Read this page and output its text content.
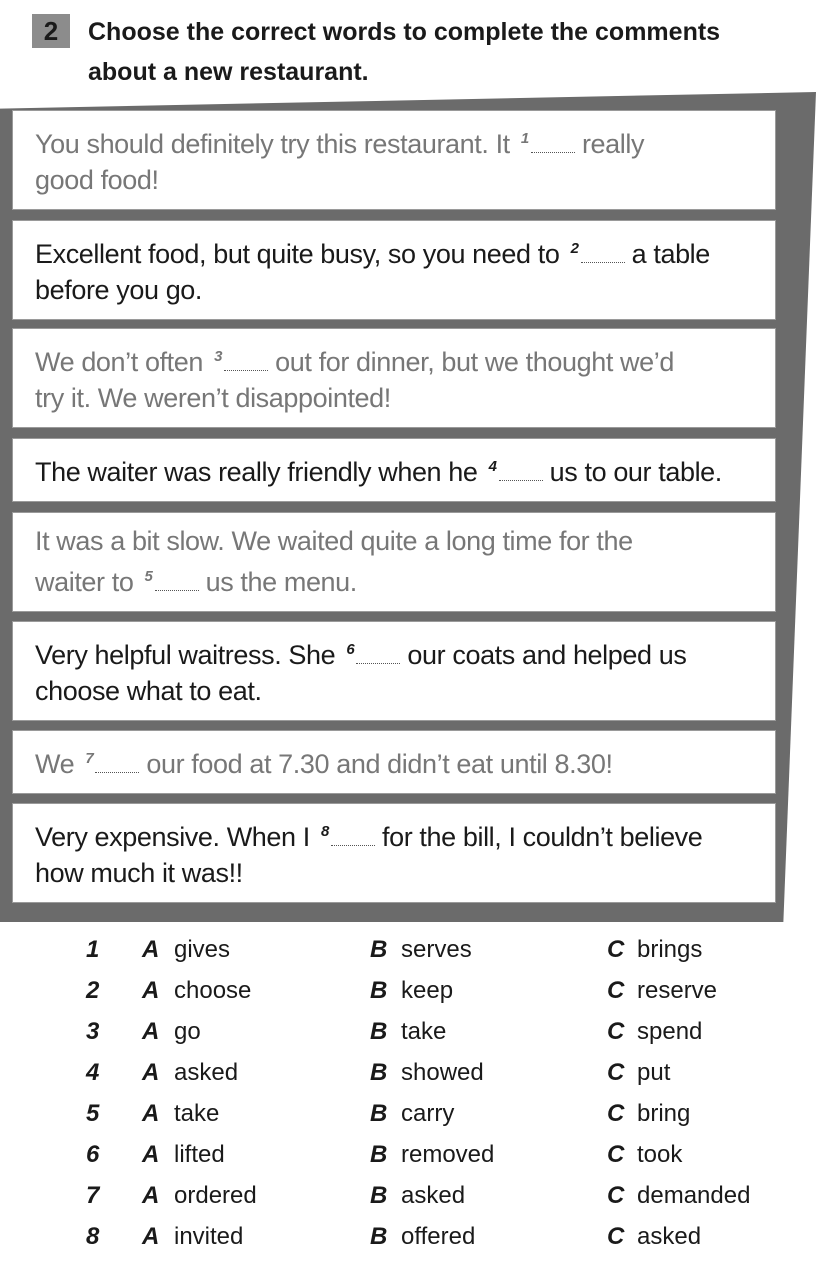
2	Choose the correct words to complete the comments
about a new restaurant.
You should definitely try this restaurant. It $^1$ really
good food!
Excellent food, but quite busy, so you need to $^2$ a table
before you go.
We don’t often $^3$ out for dinner, but we thought we’d
try it. We weren’t disappointed!
The waiter was really friendly when he $^4$ us to our table.
It was a bit slow. We waited quite a long time for the
waiter to $^5$ us the menu.
Very helpful waitress. She $^6$ our coats and helped us
choose what to eat.
We $^7$ our food at 7.30 and didn’t eat until 8.30!
Very expensive. When I $^8$ for the bill, I couldn’t believe
how much it was!!
1 A gives	B serves	C brings
2 A choose	B keep	C reserve
3 A go	B take	C spend
4 A asked	B showed	C put
5 A take	B carry	C bring
6 A lifted	B removed	C took
7 A ordered	B asked	C demanded
8 A invited	B offered	C asked
